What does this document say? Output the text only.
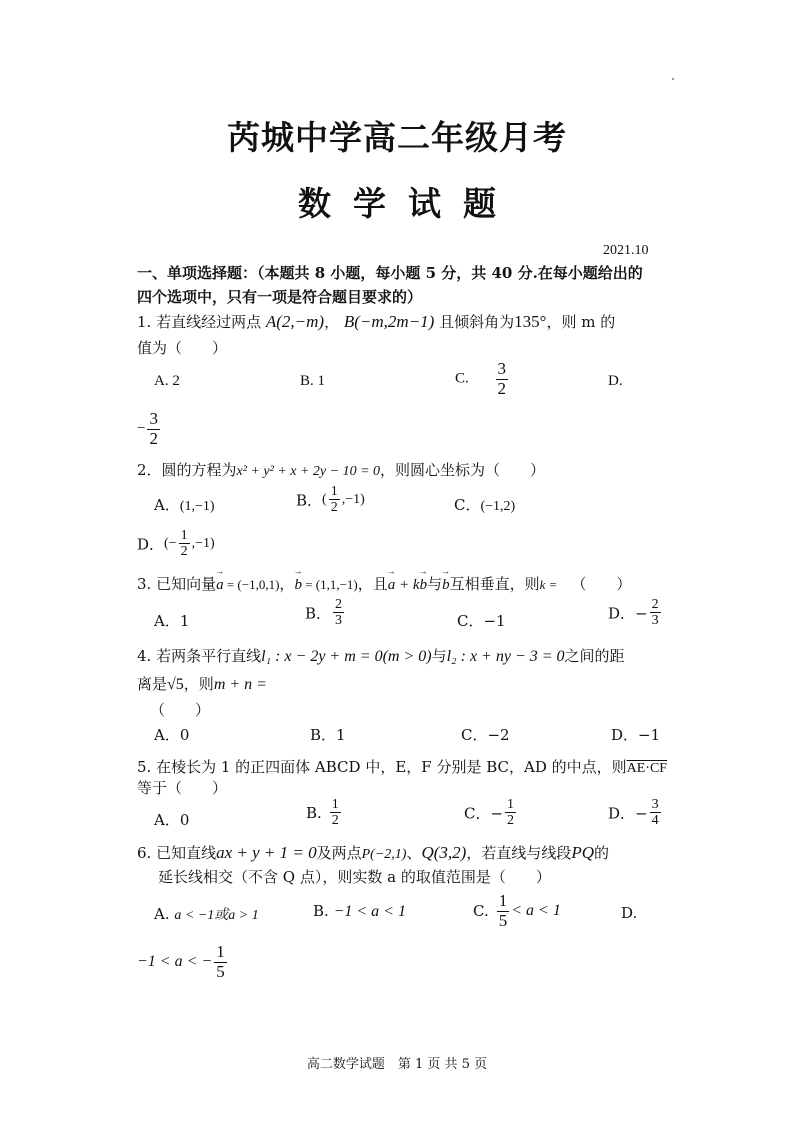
芮城中学高二年级月考
数学试题
2021.10
一、单项选择题：（本题共 8 小题，每小题 5 分，共 40 分.在每小题给出的
四个选项中，只有一项是符合题目要求的）
1. 若直线经过两点 A(2,−m)， B(−m,2m−1) 且倾斜角为135°，则 m 的
值为（　　）
A. 2	B. 1	C. $\frac{3}{2}$	D.
− $\frac{3}{2}$
2．圆的方程为x² + y² + x + 2y − 10 = 0，则圆心坐标为（　　）
A．(1,−1)	B．( $\frac{1}{2} ,-1$)	C．(−1,2)
D．(− $\frac{1}{2} ,-1$)
3. 已知向量→ a = (−1,0,1)，→ b = (1,1,−1)，且→ a + k→ b与→ b互相垂直，则k = （　　）
A．1	B． $\frac{2}{3}$	C．−1	D．− $\frac{2}{3}$
4. 若两条平行直线l₁ : x − 2y + m = 0(m > 0)与l₂ : x + ny − 3 = 0之间的距
离是√5，则m + n =
（　　）
A．0	B．1	C．−2	D．−1
5. 在棱长为 1 的正四面体 ABCD 中，E，F 分别是 BC，AD 的中点，则AE·CF
等于（　　）
A．0	B. $\frac{1}{2}$	C．− $\frac{1}{2}$	D．− $\frac{3}{4}$
6. 已知直线ax + y + 1 = 0及两点P(−2,1)、Q(3,2)，若直线与线段PQ的
延长线相交（不含 Q 点），则实数 a 的取值范围是（　　）
A. a < −1或a > 1	B. −1 < a < 1	C. $\frac{1}{5} < a < 1$	D.
−1 < a < − $\frac{1}{5}$
高二数学试题　第 1 页 共 5 页
